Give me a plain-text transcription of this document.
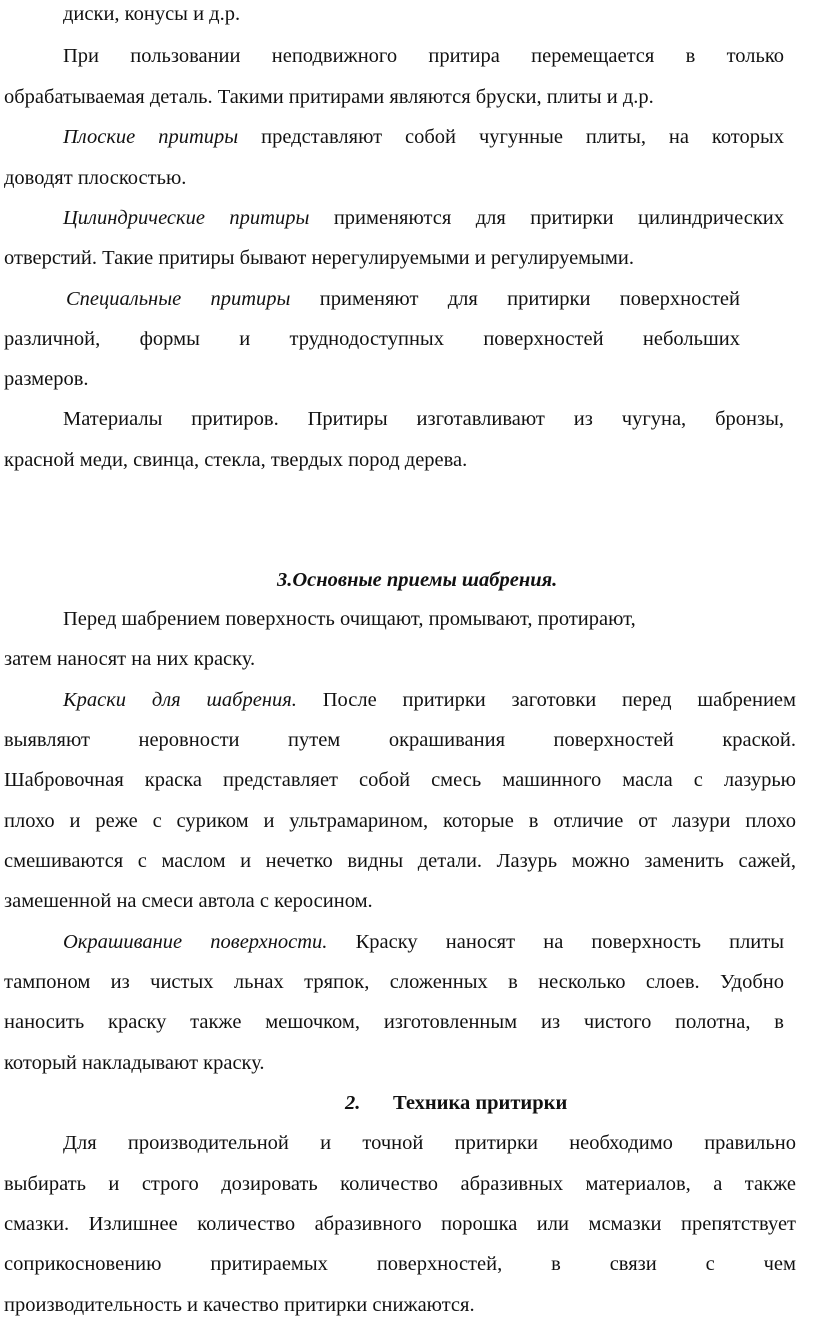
диски, конусы и д.р.
При пользовании неподвижного притира перемещается в только
обрабатываемая деталь. Такими притирами являются бруски, плиты и д.р.
Плоские притиры представляют собой чугунные плиты, на которых
доводят плоскостью.
Цилиндрические притиры применяются для притирки цилиндрических
отверстий. Такие притиры бывают нерегулируемыми и регулируемыми.
Специальные притиры применяют для притирки поверхностей
различной, формы и труднодоступных поверхностей небольших
размеров.
Материалы притиров. Притиры изготавливают из чугуна, бронзы,
красной меди, свинца, стекла, твердых пород дерева.
3.Основные приемы шабрения.
Перед шабрением поверхность очищают, промывают, протирают,
затем наносят на них краску.
Краски для шабрения. После притирки заготовки перед шабрением
выявляют неровности путем окрашивания поверхностей краской.
Шабровочная краска представляет собой смесь машинного масла с лазурью
плохо и реже с суриком и ультрамарином, которые в отличие от лазури плохо
смешиваются с маслом и нечетко видны детали. Лазурь можно заменить сажей,
замешенной на смеси автола с керосином.
Окрашивание поверхности. Краску наносят на поверхность плиты
тампоном из чистых льнах тряпок, сложенных в несколько слоев. Удобно
наносить краску также мешочком, изготовленным из чистого полотна, в
который накладывают краску.
2. Техника притирки
Для производительной и точной притирки необходимо правильно
выбирать и строго дозировать количество абразивных материалов, а также
смазки. Излишнее количество абразивного порошка или мсмазки препятствует
соприкосновению притираемых поверхностей, в связи с чем
производительность и качество притирки снижаются.
